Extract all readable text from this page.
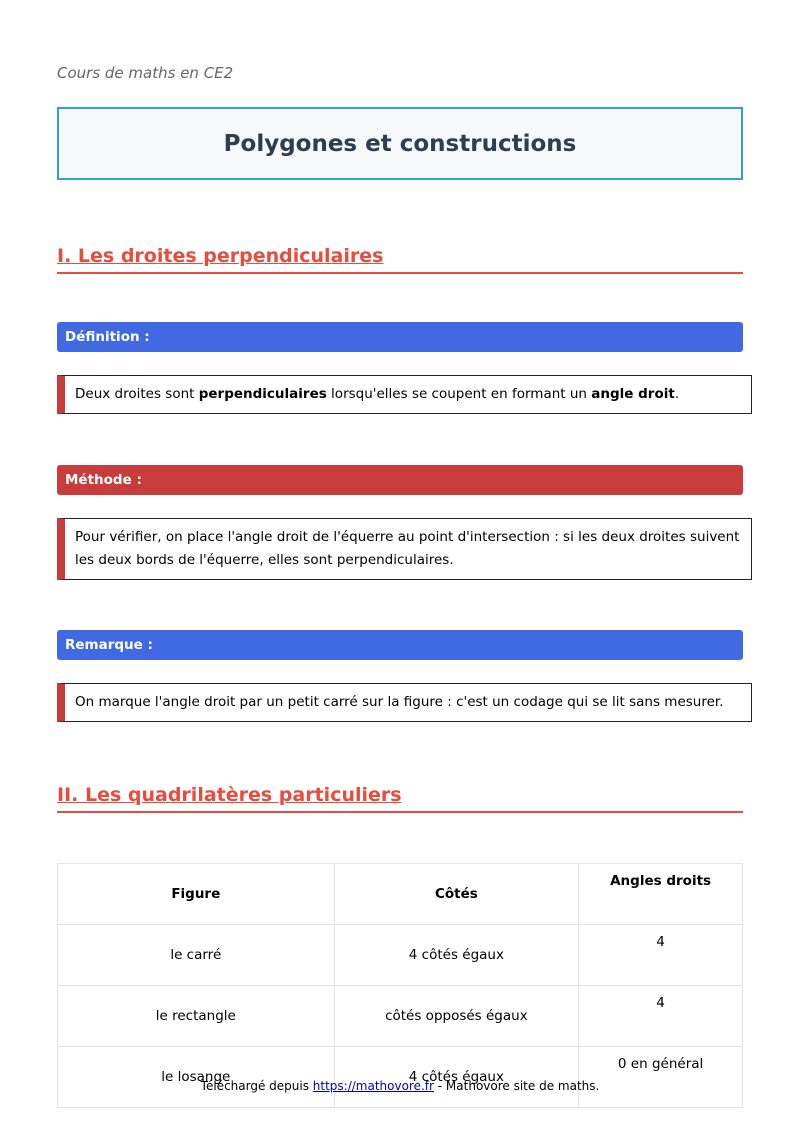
Cours de maths en CE2
Polygones et constructions
I. Les droites perpendiculaires
Définition :
Deux droites sont perpendiculaires lorsqu'elles se coupent en formant un angle droit.
Méthode :
Pour vérifier, on place l'angle droit de l'équerre au point d'intersection : si les deux droites suivent les deux bords de l'équerre, elles sont perpendiculaires.
Remarque :
On marque l'angle droit par un petit carré sur la figure : c'est un codage qui se lit sans mesurer.
II. Les quadrilatères particuliers
Figure	Côtés	Angles droits
le carré	4 côtés égaux	4
le rectangle	côtés opposés égaux	4
le losange	4 côtés égaux	0 en général
Téléchargé depuis https://mathovore.fr - Mathovore site de maths.
